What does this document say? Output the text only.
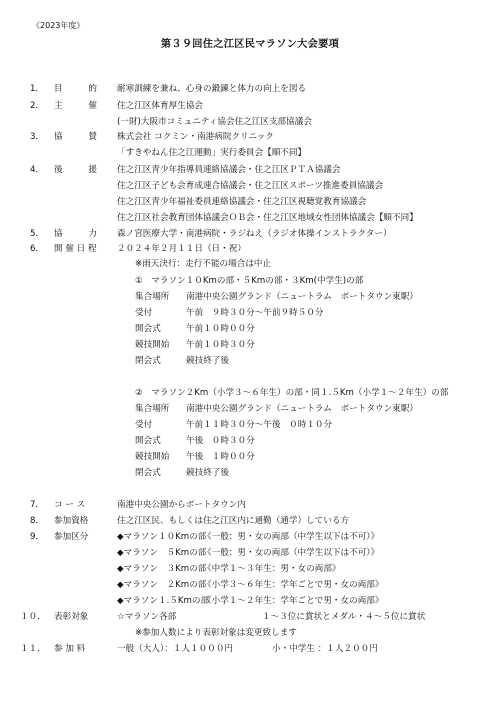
《2023年度》
第３９回住之江区民マラソン大会要項
1． 目　　　的 耐寒訓練を兼ね、心身の鍛錬と体力の向上を図る
2． 主　　　催 住之江区体育厚生協会
(一財)大阪市コミュニティ協会住之江区支部協議会
3． 協　　　賛 株式会社 コクミン・南港病院クリニック
「すきやねん住之江運動」実行委員会【順不同】
4． 後　　　援 住之江区青少年指導員連絡協議会・住之江区ＰＴＡ協議会
住之江区子ども会育成連合協議会・住之江区スポーツ推進委員協議会
住之江区青少年福祉委員連絡協議会・住之江区視聴覚教育協議会
住之江区社会教育団体協議会ＯＢ会・住之江区地域女性団体協議会【順不同】
5． 協　　　力 森ノ宮医療大学・南港病院・ラジねえ（ラジオ体操インストラクター）
6． 開 催 日 程 ２０２４年２月１１日（日・祝）
※雨天決行：走行不能の場合は中止
①　マラソン１０Kmの部・５Kmの部・３Km(中学生)の部
集合場所 南港中央公園グランド（ニュートラム　ポートタウン東駅）
受付	午前　９時３０分～午前９時５０分
開会式	午前１０時００分
競技開始 午前１０時３０分
閉会式	競技終了後
②　マラソン２Km（小学３～６年生）の部・同１.５Km（小学１～２年生）の部
集合場所 南港中央公園グランド（ニュートラム　ポートタウン東駅）
受付	午前１１時３０分～午後　０時１０分
開会式	午後　０時３０分
競技開始 午後　１時００分
閉会式	競技終了後
7． コ ー ス	南港中央公園からポートタウン内
8． 参加資格	住之江区民、もしくは住之江区内に通勤（通学）している方
9． 参加区分	◆マラソン１０Kmの部
《一般：男・女の両部（中学生以下は不可）》
◆マラソン　５Kmの部
《一般：男・女の両部（中学生以下は不可）》
◆マラソン　３Kmの部
《中学１～３年生：男・女の両部》
◆マラソン　２Kmの部
《小学３～６年生：学年ごとで男・女の両部》
◆マラソン１.５Kmの部
《小学１～２年生：学年ごとで男・女の両部》
１０． 表彰対象	☆マラソン各部	１～３位に賞状とメダル・４～５位に賞状
※参加人数により表彰対象は変更致します
１１． 参 加 料	一般（大人）：１人１０００円	小・中学生 ：１人２００円
